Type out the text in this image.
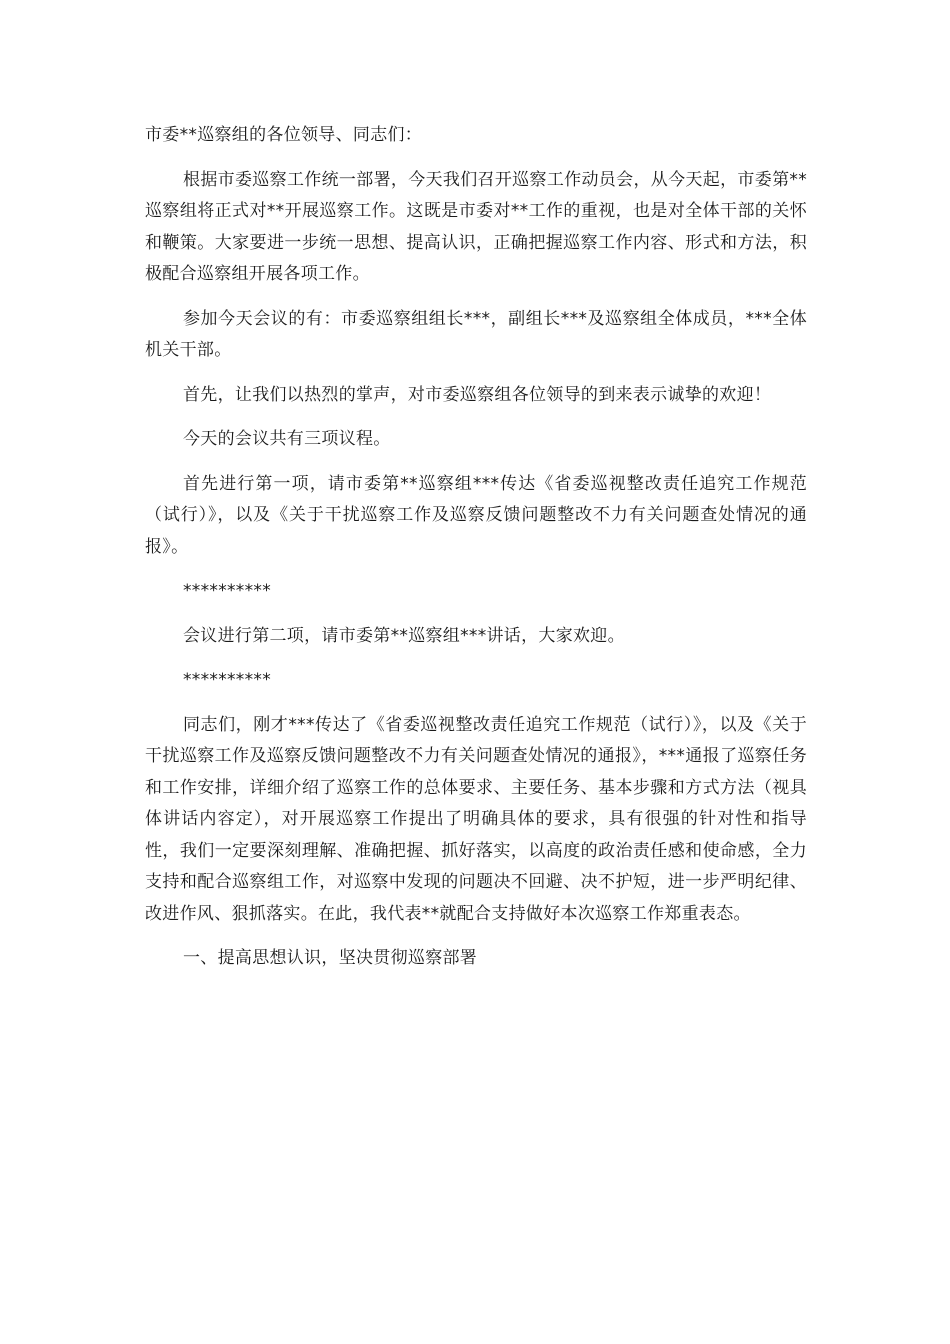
市委**巡察组的各位领导、同志们：

根据市委巡察工作统一部署，今天我们召开巡察工作动员会，从今天起，市委第**巡察组将正式对**开展巡察工作。这既是市委对**工作的重视，也是对全体干部的关怀和鞭策。大家要进一步统一思想、提高认识，正确把握巡察工作内容、形式和方法，积极配合巡察组开展各项工作。

参加今天会议的有：市委巡察组组长***，副组长***及巡察组全体成员，***全体机关干部。

首先，让我们以热烈的掌声，对市委巡察组各位领导的到来表示诚挚的欢迎！

今天的会议共有三项议程。

首先进行第一项，请市委第**巡察组***传达《省委巡视整改责任追究工作规范（试行）》，以及《关于干扰巡察工作及巡察反馈问题整改不力有关问题查处情况的通报》。

**********

会议进行第二项，请市委第**巡察组***讲话，大家欢迎。

**********

同志们，刚才***传达了《省委巡视整改责任追究工作规范（试行）》，以及《关于干扰巡察工作及巡察反馈问题整改不力有关问题查处情况的通报》，***通报了巡察任务和工作安排，详细介绍了巡察工作的总体要求、主要任务、基本步骤和方式方法（视具体讲话内容定），对开展巡察工作提出了明确具体的要求，具有很强的针对性和指导性，我们一定要深刻理解、准确把握、抓好落实，以高度的政治责任感和使命感，全力支持和配合巡察组工作，对巡察中发现的问题决不回避、决不护短，进一步严明纪律、改进作风、狠抓落实。在此，我代表**就配合支持做好本次巡察工作郑重表态。

一、提高思想认识，坚决贯彻巡察部署
